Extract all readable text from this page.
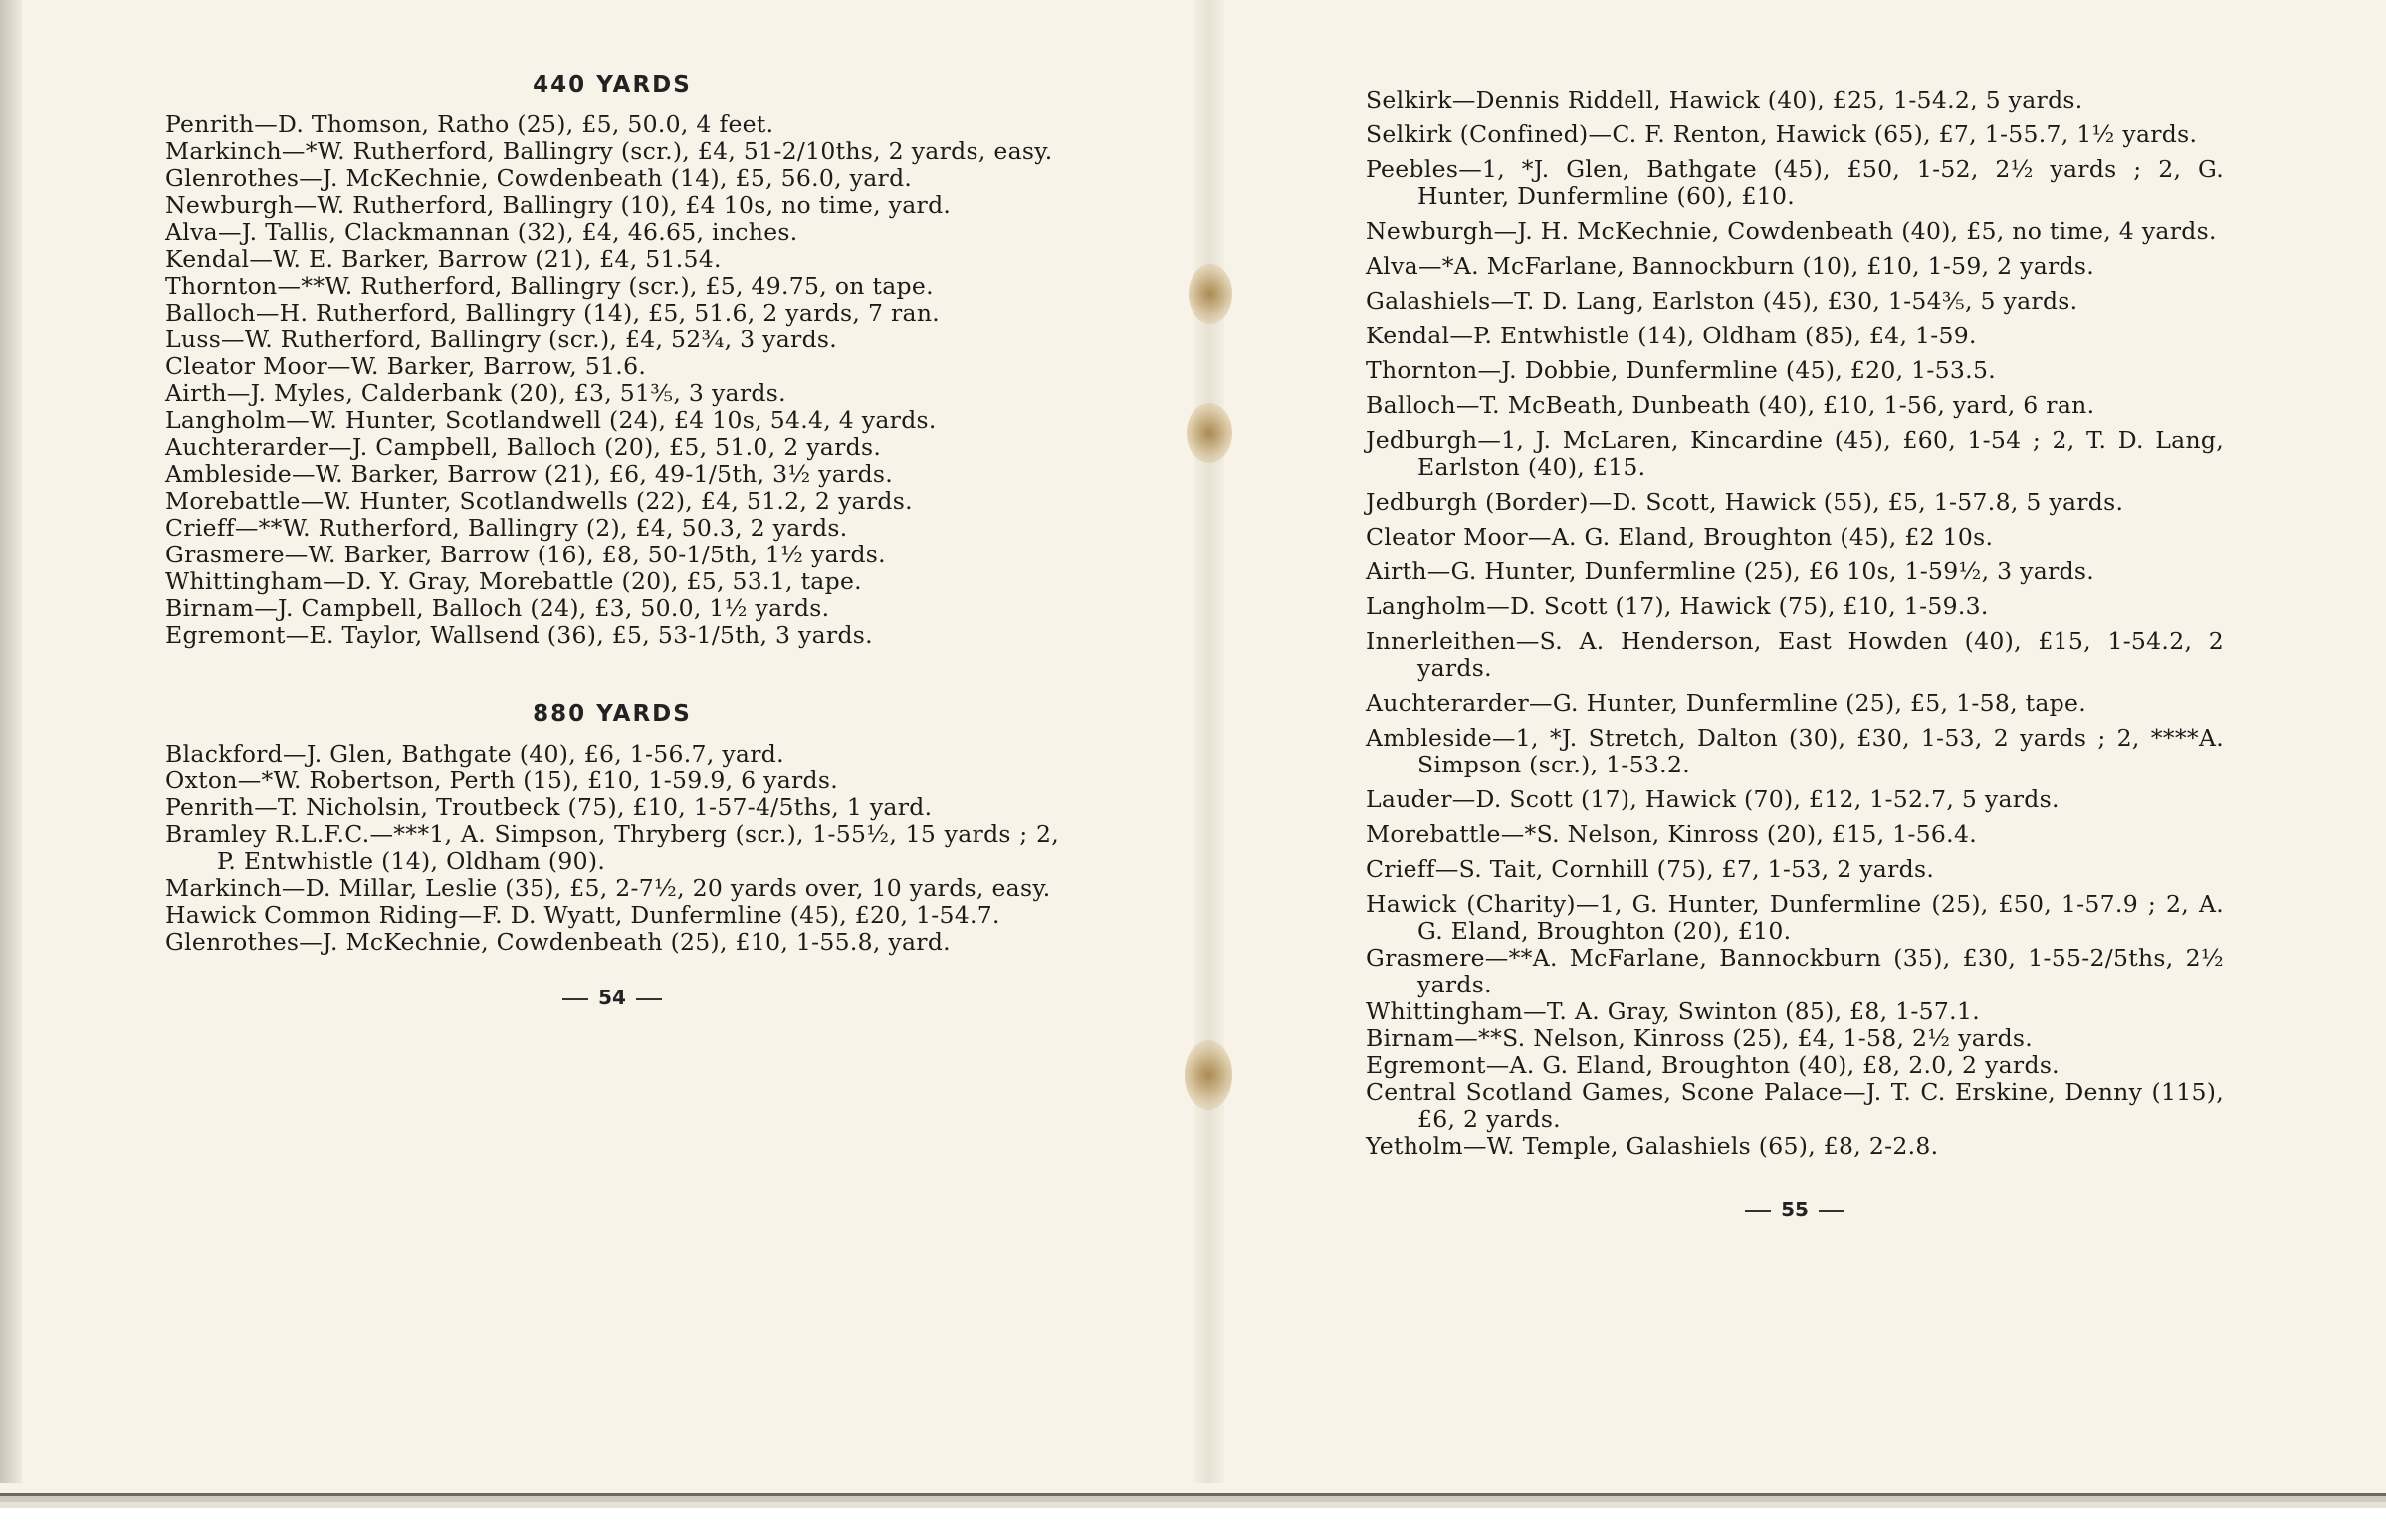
440 YARDS

Penrith—D. Thomson, Ratho (25), £5, 50.0, 4 feet.

Markinch—*W. Rutherford, Ballingry (scr.), £4, 51-2/10ths, 2 yards, easy.

Glenrothes—J. McKechnie, Cowdenbeath (14), £5, 56.0, yard.

Newburgh—W. Rutherford, Ballingry (10), £4 10s, no time, yard.

Alva—J. Tallis, Clackmannan (32), £4, 46.65, inches.

Kendal—W. E. Barker, Barrow (21), £4, 51.54.

Thornton—**W. Rutherford, Ballingry (scr.), £5, 49.75, on tape.

Balloch—H. Rutherford, Ballingry (14), £5, 51.6, 2 yards, 7 ran.

Luss—W. Rutherford, Ballingry (scr.), £4, 52¾, 3 yards.

Cleator Moor—W. Barker, Barrow, 51.6.

Airth—J. Myles, Calderbank (20), £3, 51⅗, 3 yards.

Langholm—W. Hunter, Scotlandwell (24), £4 10s, 54.4, 4 yards.

Auchterarder—J. Campbell, Balloch (20), £5, 51.0, 2 yards.

Ambleside—W. Barker, Barrow (21), £6, 49-1/5th, 3½ yards.

Morebattle—W. Hunter, Scotlandwells (22), £4, 51.2, 2 yards.

Crieff—**W. Rutherford, Ballingry (2), £4, 50.3, 2 yards.

Grasmere—W. Barker, Barrow (16), £8, 50-1/5th, 1½ yards.

Whittingham—D. Y. Gray, Morebattle (20), £5, 53.1, tape.

Birnam—J. Campbell, Balloch (24), £3, 50.0, 1½ yards.

Egremont—E. Taylor, Wallsend (36), £5, 53-1/5th, 3 yards.

880 YARDS

Blackford—J. Glen, Bathgate (40), £6, 1-56.7, yard.

Oxton—*W. Robertson, Perth (15), £10, 1-59.9, 6 yards.

Penrith—T. Nicholsin, Troutbeck (75), £10, 1-57-4/5ths, 1 yard.

Bramley R.L.F.C.—***1, A. Simpson, Thryberg (scr.), 1-55½, 15 yards ; 2, P. Entwhistle (14), Oldham (90).

Markinch—D. Millar, Leslie (35), £5, 2-7½, 20 yards over, 10 yards, easy.

Hawick Common Riding—F. D. Wyatt, Dunfermline (45), £20, 1-54.7.

Glenrothes—J. McKechnie, Cowdenbeath (25), £10, 1-55.8, yard.

54

Selkirk—Dennis Riddell, Hawick (40), £25, 1-54.2, 5 yards.

Selkirk (Confined)—C. F. Renton, Hawick (65), £7, 1-55.7, 1½ yards.

Peebles—1, *J. Glen, Bathgate (45), £50, 1-52, 2½ yards ; 2, G. Hunter, Dunfermline (60), £10.

Newburgh—J. H. McKechnie, Cowdenbeath (40), £5, no time, 4 yards.

Alva—*A. McFarlane, Bannockburn (10), £10, 1-59, 2 yards.

Galashiels—T. D. Lang, Earlston (45), £30, 1-54⅗, 5 yards.

Kendal—P. Entwhistle (14), Oldham (85), £4, 1-59.

Thornton—J. Dobbie, Dunfermline (45), £20, 1-53.5.

Balloch—T. McBeath, Dunbeath (40), £10, 1-56, yard, 6 ran.

Jedburgh—1, J. McLaren, Kincardine (45), £60, 1-54 ; 2, T. D. Lang, Earlston (40), £15.

Jedburgh (Border)—D. Scott, Hawick (55), £5, 1-57.8, 5 yards.

Cleator Moor—A. G. Eland, Broughton (45), £2 10s.

Airth—G. Hunter, Dunfermline (25), £6 10s, 1-59½, 3 yards.

Langholm—D. Scott (17), Hawick (75), £10, 1-59.3.

Innerleithen—S. A. Henderson, East Howden (40), £15, 1-54.2, 2 yards.

Auchterarder—G. Hunter, Dunfermline (25), £5, 1-58, tape.

Ambleside—1, *J. Stretch, Dalton (30), £30, 1-53, 2 yards ; 2, ****A. Simpson (scr.), 1-53.2.

Lauder—D. Scott (17), Hawick (70), £12, 1-52.7, 5 yards.

Morebattle—*S. Nelson, Kinross (20), £15, 1-56.4.

Crieff—S. Tait, Cornhill (75), £7, 1-53, 2 yards.

Hawick (Charity)—1, G. Hunter, Dunfermline (25), £50, 1-57.9 ; 2, A. G. Eland, Broughton (20), £10.

Grasmere—**A. McFarlane, Bannockburn (35), £30, 1-55-2/5ths, 2½ yards.

Whittingham—T. A. Gray, Swinton (85), £8, 1-57.1.

Birnam—**S. Nelson, Kinross (25), £4, 1-58, 2½ yards.

Egremont—A. G. Eland, Broughton (40), £8, 2.0, 2 yards.

Central Scotland Games, Scone Palace—J. T. C. Erskine, Denny (115), £6, 2 yards.

Yetholm—W. Temple, Galashiels (65), £8, 2-2.8.

55
